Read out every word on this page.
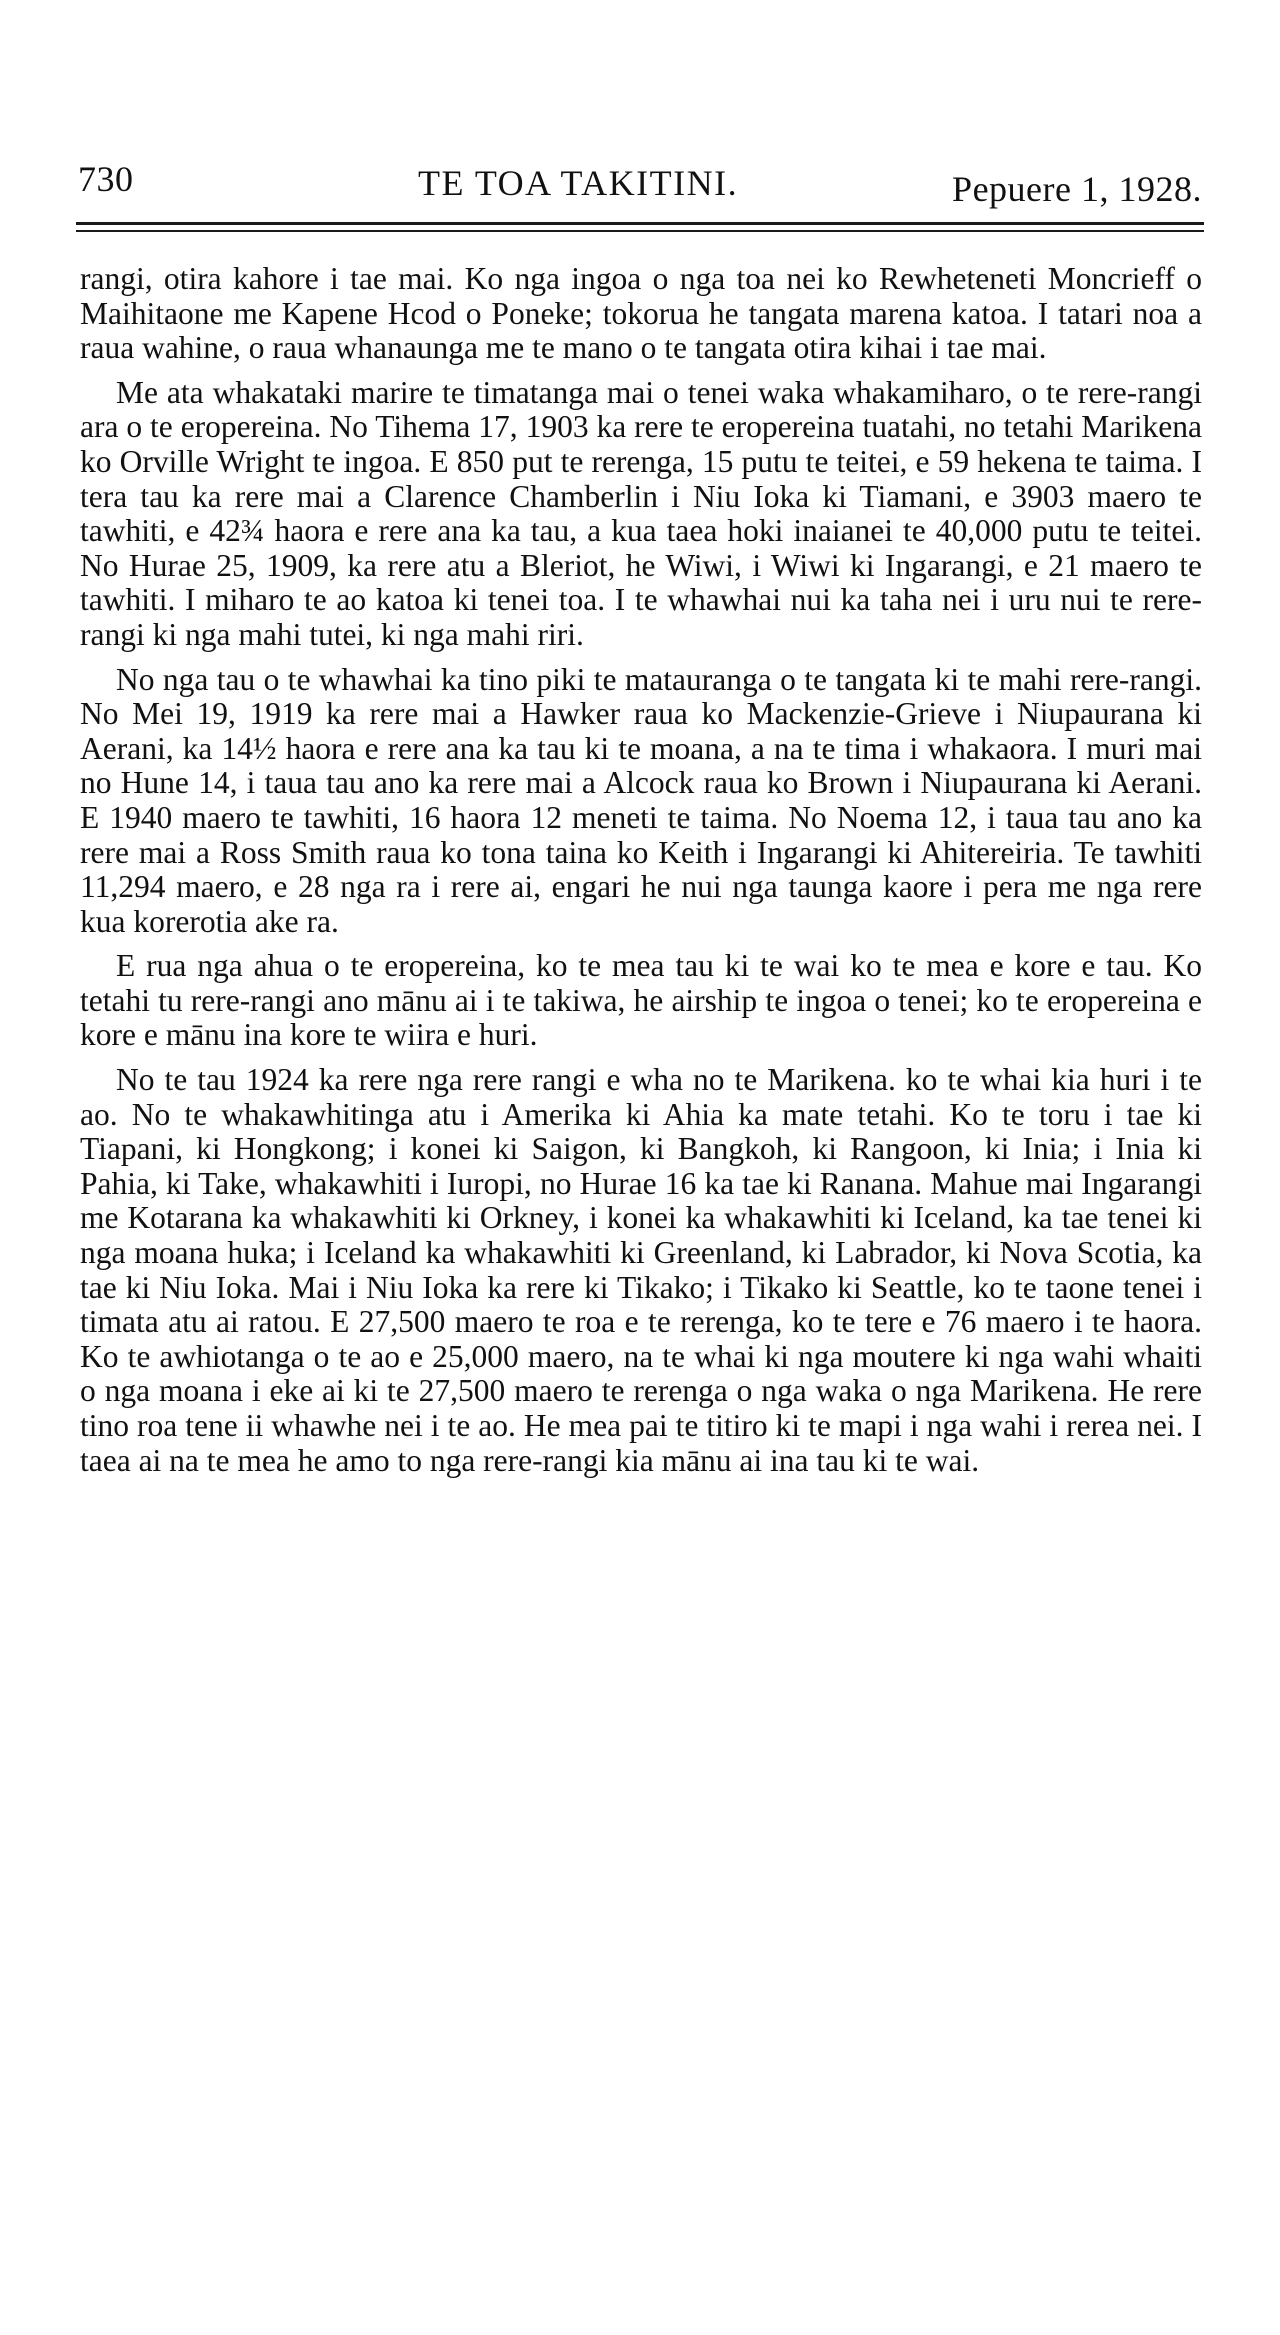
730	TE TOA TAKITINI.	Pepuere 1, 1928.

rangi, otira kahore i tae mai. Ko nga ingoa o nga toa nei ko Rewheteneti Moncrieff o Maihitaone me Kapene Hcod o Poneke; tokorua he tangata marena katoa. I tatari noa a raua wahine, o raua whanaunga me te mano o te tangata otira kihai i tae mai.

Me ata whakataki marire te timatanga mai o tenei waka whakamiharo, o te rere-rangi ara o te eropereina. No Tihema 17, 1903 ka rere te eropereina tuatahi, no tetahi Marikena ko Orville Wright te ingoa. E 850 put te rerenga, 15 putu te teitei, e 59 hekena te taima. I tera tau ka rere mai a Clarence Chamberlin i Niu Ioka ki Tiamani, e 3903 maero te tawhiti, e 42¾ haora e rere ana ka tau, a kua taea hoki inaianei te 40,000 putu te teitei. No Hurae 25, 1909, ka rere atu a Bleriot, he Wiwi, i Wiwi ki Ingarangi, e 21 maero te tawhiti. I miharo te ao katoa ki tenei toa. I te whawhai nui ka taha nei i uru nui te rere-rangi ki nga mahi tutei, ki nga mahi riri.

No nga tau o te whawhai ka tino piki te matauranga o te tangata ki te mahi rere-rangi. No Mei 19, 1919 ka rere mai a Hawker raua ko Mackenzie-Grieve i Niupaurana ki Aerani, ka 14½ haora e rere ana ka tau ki te moana, a na te tima i whakaora. I muri mai no Hune 14, i taua tau ano ka rere mai a Alcock raua ko Brown i Niupaurana ki Aerani. E 1940 maero te tawhiti, 16 haora 12 meneti te taima. No Noema 12, i taua tau ano ka rere mai a Ross Smith raua ko tona taina ko Keith i Ingarangi ki Ahitereiria. Te tawhiti 11,294 maero, e 28 nga ra i rere ai, engari he nui nga taunga kaore i pera me nga rere kua korerotia ake ra.

E rua nga ahua o te eropereina, ko te mea tau ki te wai ko te mea e kore e tau. Ko tetahi tu rere-rangi ano mānu ai i te takiwa, he airship te ingoa o tenei; ko te eropereina e kore e mānu ina kore te wiira e huri.

No te tau 1924 ka rere nga rere rangi e wha no te Marikena. ko te whai kia huri i te ao. No te whakawhitinga atu i Amerika ki Ahia ka mate tetahi. Ko te toru i tae ki Tiapani, ki Hongkong; i konei ki Saigon, ki Bangkoh, ki Rangoon, ki Inia; i Inia ki Pahia, ki Take, whakawhiti i Iuropi, no Hurae 16 ka tae ki Ranana. Mahue mai Ingarangi me Kotarana ka whakawhiti ki Orkney, i konei ka whakawhiti ki Iceland, ka tae tenei ki nga moana huka; i Iceland ka whakawhiti ki Greenland, ki Labrador, ki Nova Scotia, ka tae ki Niu Ioka. Mai i Niu Ioka ka rere ki Tikako; i Tikako ki Seattle, ko te taone tenei i timata atu ai ratou. E 27,500 maero te roa e te rerenga, ko te tere e 76 maero i te haora. Ko te awhiotanga o te ao e 25,000 maero, na te whai ki nga moutere ki nga wahi whaiti o nga moana i eke ai ki te 27,500 maero te rerenga o nga waka o nga Marikena. He rere tino roa tene ii whawhe nei i te ao. He mea pai te titiro ki te mapi i nga wahi i rerea nei. I taea ai na te mea he amo to nga rere-rangi kia mānu ai ina tau ki te wai.
